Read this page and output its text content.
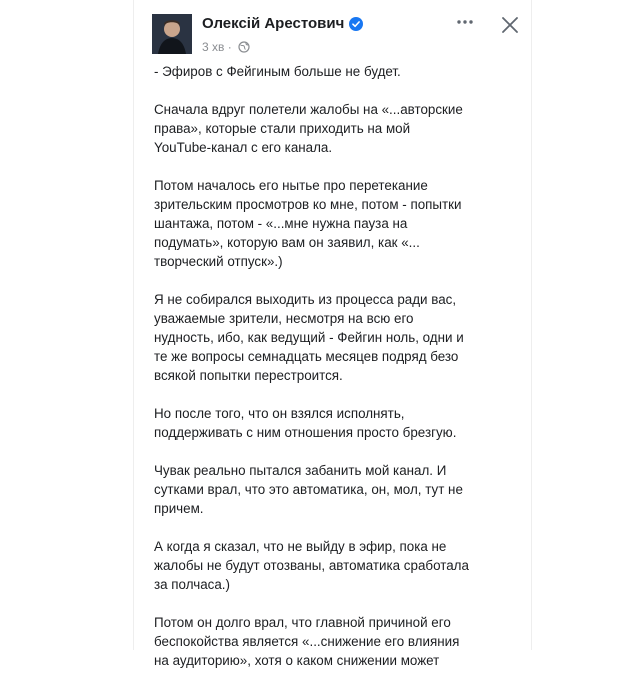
Олексій Арестович
3 хв ·

- Эфиров с Фейгиным больше не будет.

Сначала вдруг полетели жалобы на «...авторские
права», которые стали приходить на мой
YouTube-канал с его канала.

Потом началось его нытье про перетекание
зрительским просмотров ко мне, потом - попытки
шантажа, потом - «...мне нужна пауза на
подумать», которую вам он заявил, как «...
творческий отпуск».)

Я не собирался выходить из процесса ради вас,
уважаемые зрители, несмотря на всю его
нудность, ибо, как ведущий - Фейгин ноль, одни и
те же вопросы семнадцать месяцев подряд безо
всякой попытки перестроится.

Но после того, что он взялся исполнять,
поддерживать с ним отношения просто брезгую.

Чувак реально пытался забанить мой канал. И
сутками врал, что это автоматика, он, мол, тут не
причем.

А когда я сказал, что не выйду в эфир, пока не
жалобы не будут отозваны, автоматика сработала
за полчаса.)

Потом он долго врал, что главной причиной его
беспокойства является «...снижение его влияния
на аудиторию», хотя о каком снижении может
